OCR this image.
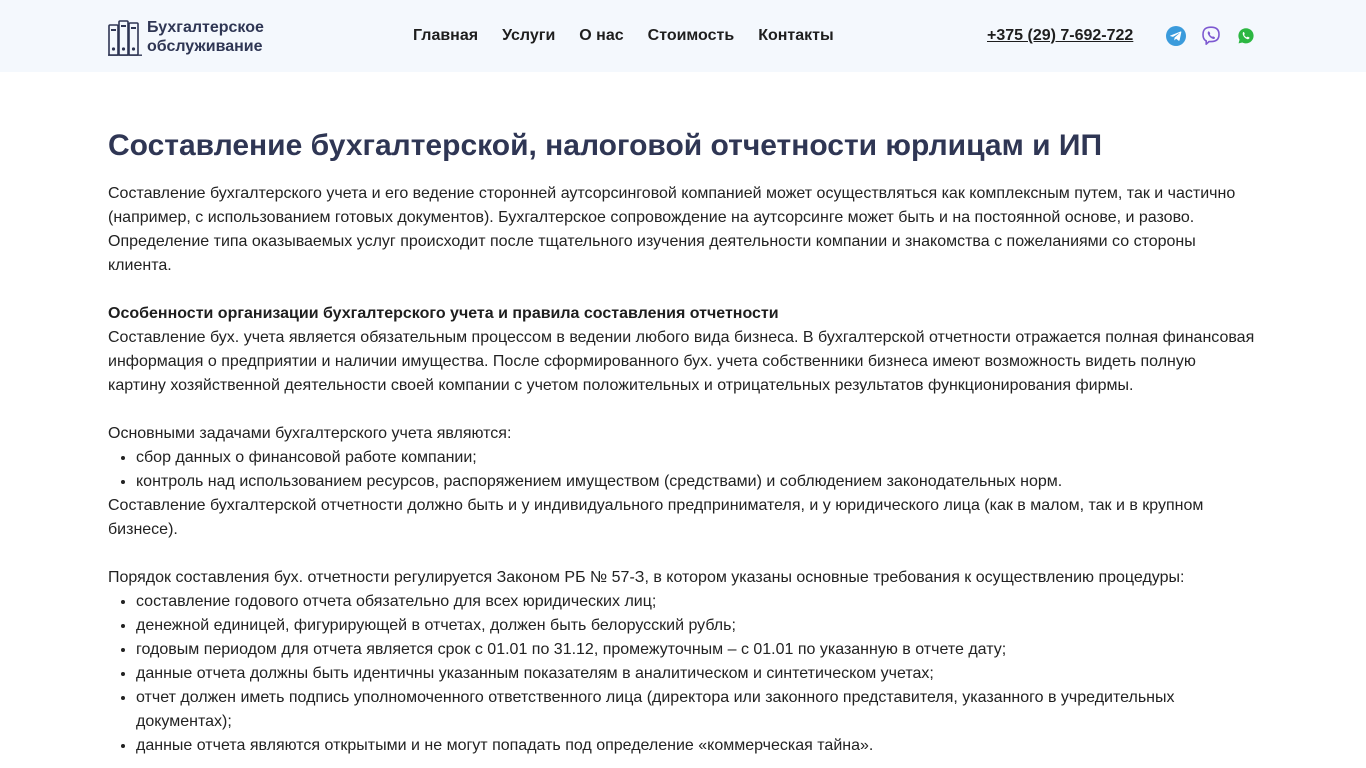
Бухгалтерское
обслуживание
Главная Услуги О нас Стоимость Контакты	+375 (29) 7-692-722
Составление бухгалтерской, налоговой отчетности юрлицам и ИП

Составление бухгалтерского учета и его ведение сторонней аутсорсинговой компанией может осуществляться как комплексным путем, так и частично (например, с использованием готовых документов). Бухгалтерское сопровождение на аутсорсинге может быть и на постоянной основе, и разово. Определение типа оказываемых услуг происходит после тщательного изучения деятельности компании и знакомства с пожеланиями со стороны клиента.

Особенности организации бухгалтерского учета и правила составления отчетности

Составление бух. учета является обязательным процессом в ведении любого вида бизнеса. В бухгалтерской отчетности отражается полная финансовая информация о предприятии и наличии имущества. После сформированного бух. учета собственники бизнеса имеют возможность видеть полную картину хозяйственной деятельности своей компании с учетом положительных и отрицательных результатов функционирования фирмы.

Основными задачами бухгалтерского учета являются:

• сбор данных о финансовой работе компании;
• контроль над использованием ресурсов, распоряжением имуществом (средствами) и соблюдением законодательных норм.

Составление бухгалтерской отчетности должно быть и у индивидуального предпринимателя, и у юридического лица (как в малом, так и в крупном бизнесе).

Порядок составления бух. отчетности регулируется Законом РБ № 57-З, в котором указаны основные требования к осуществлению процедуры:

• составление годового отчета обязательно для всех юридических лиц;
• денежной единицей, фигурирующей в отчетах, должен быть белорусский рубль;
• годовым периодом для отчета является срок с 01.01 по 31.12, промежуточным – с 01.01 по указанную в отчете дату;
• данные отчета должны быть идентичны указанным показателям в аналитическом и синтетическом учетах;
• отчет должен иметь подпись уполномоченного ответственного лица (директора или законного представителя, указанного в учредительных документах);
• данные отчета являются открытыми и не могут попадать под определение «коммерческая тайна».
